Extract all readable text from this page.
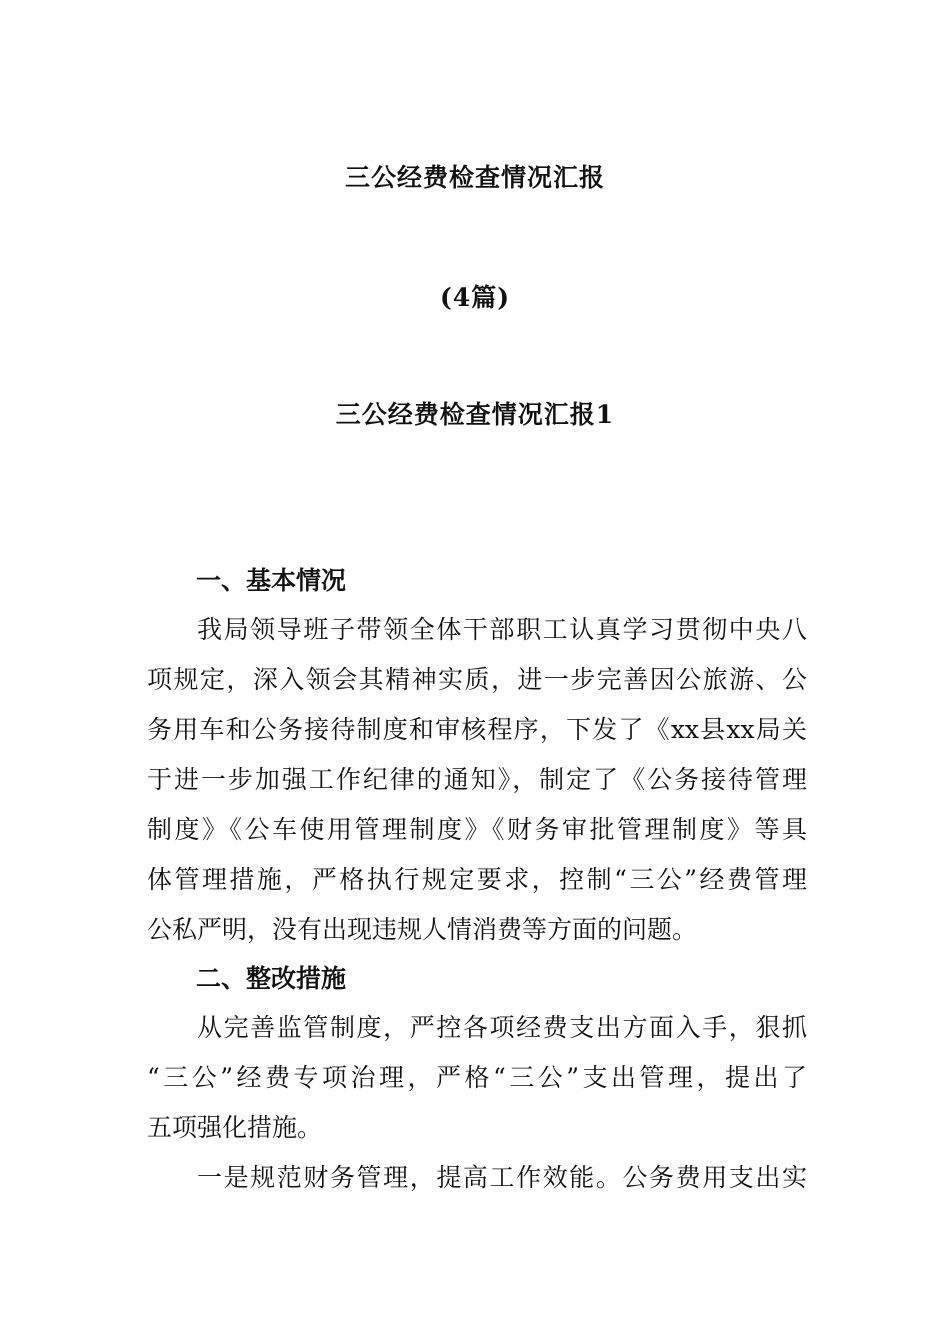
三公经费检查情况汇报
(4篇)
三公经费检查情况汇报1
一、基本情况
我局领导班子带领全体干部职工认真学习贯彻中央八
项规定，深入领会其精神实质，进一步完善因公旅游、公
务用车和公务接待制度和审核程序，下发了《xx县xx局关
于进一步加强工作纪律的通知》，制定了《公务接待管理
制度》《公车使用管理制度》《财务审批管理制度》等具
体管理措施，严格执行规定要求，控制“三公”经费管理
公私严明，没有出现违规人情消费等方面的问题。
二、整改措施
从完善监管制度，严控各项经费支出方面入手，狠抓
“三公”经费专项治理，严格“三公”支出管理，提出了
五项强化措施。
一是规范财务管理，提高工作效能。公务费用支出实
